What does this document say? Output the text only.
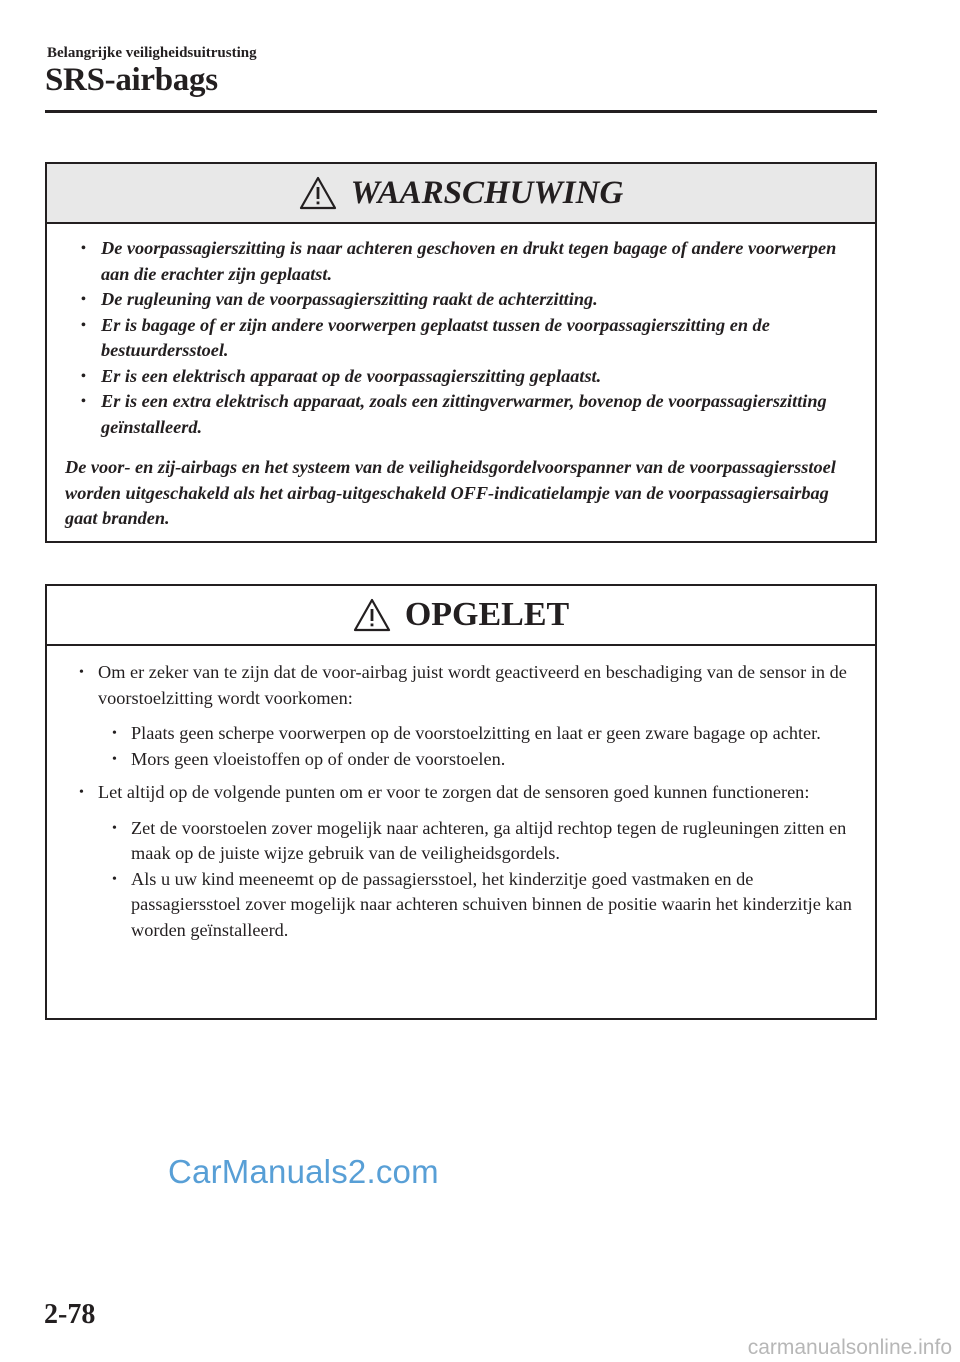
Belangrijke veiligheidsuitrusting
SRS-airbags
WAARSCHUWING
• De voorpassagierszitting is naar achteren geschoven en drukt tegen bagage of andere voorwerpen aan die erachter zijn geplaatst.
• De rugleuning van de voorpassagierszitting raakt de achterzitting.
• Er is bagage of er zijn andere voorwerpen geplaatst tussen de voorpassagierszitting en de bestuurdersstoel.
• Er is een elektrisch apparaat op de voorpassagierszitting geplaatst.
• Er is een extra elektrisch apparaat, zoals een zittingverwarmer, bovenop de voorpassagierszitting geïnstalleerd.

De voor- en zij-airbags en het systeem van de veiligheidsgordelvoorspanner van de voorpassagiersstoel worden uitgeschakeld als het airbag-uitgeschakeld OFF-indicatielampje van de voorpassagiersairbag gaat branden.

OPGELET
• Om er zeker van te zijn dat de voor-airbag juist wordt geactiveerd en beschadiging van de sensor in de voorstoelzitting wordt voorkomen:
• Plaats geen scherpe voorwerpen op de voorstoelzitting en laat er geen zware bagage op achter.
• Mors geen vloeistoffen op of onder de voorstoelen.
• Let altijd op de volgende punten om er voor te zorgen dat de sensoren goed kunnen functioneren:
• Zet de voorstoelen zover mogelijk naar achteren, ga altijd rechtop tegen de rugleuningen zitten en maak op de juiste wijze gebruik van de veiligheidsgordels.
• Als u uw kind meeneemt op de passagiersstoel, het kinderzitje goed vastmaken en de passagiersstoel zover mogelijk naar achteren schuiven binnen de positie waarin het kinderzitje kan worden geïnstalleerd.
CarManuals2.com
2-78
carmanualsonline.info
